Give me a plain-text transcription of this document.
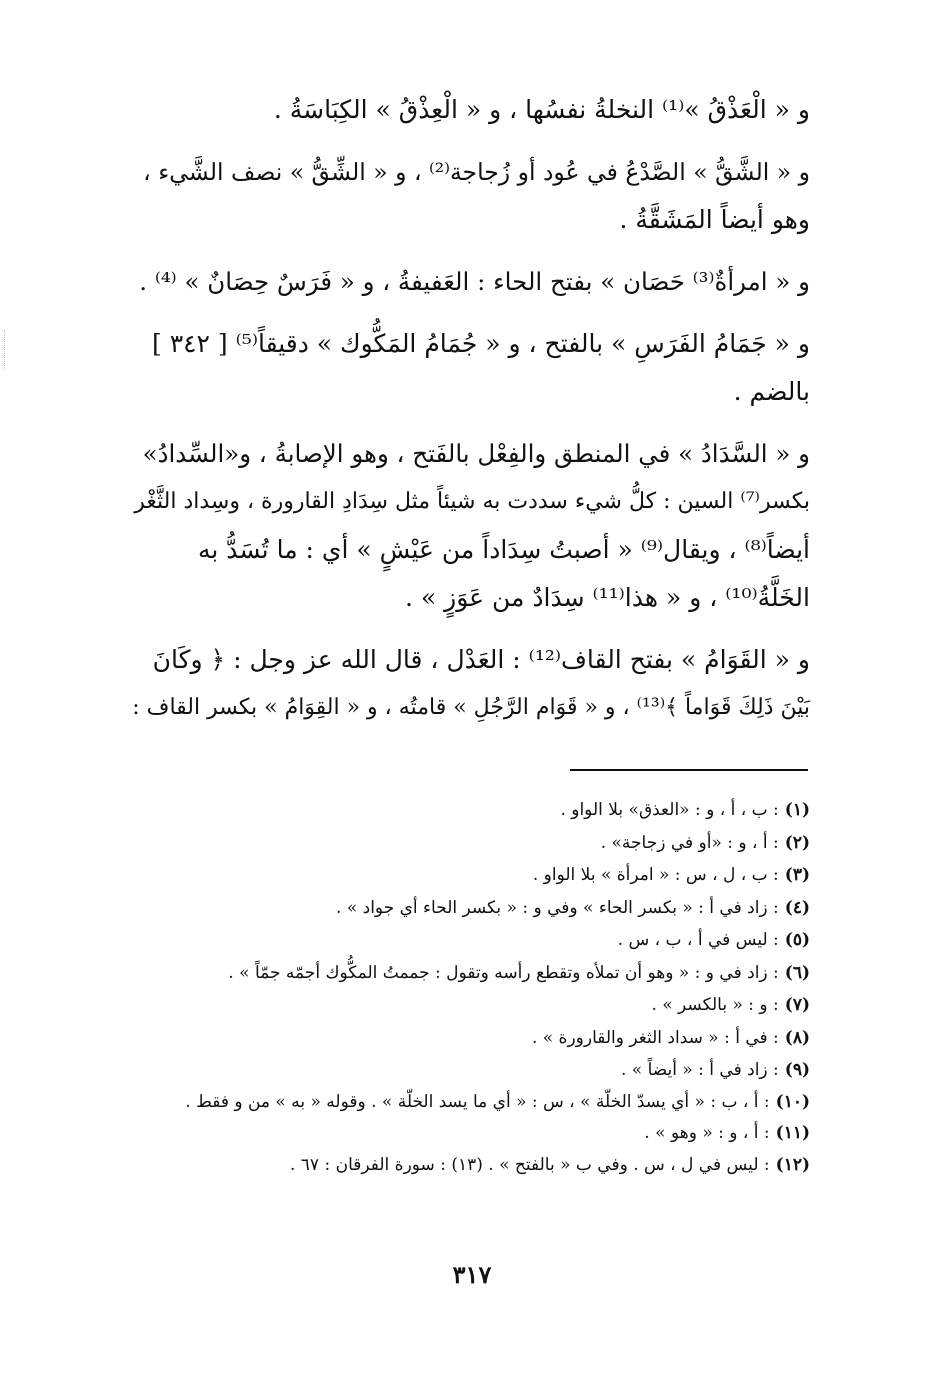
و « الْعَذْقُ »⁽¹⁾ النخلةُ نفسُها ، و « الْعِذْقُ » الكِبَاسَةُ .

و « الشَّقُّ » الصَّدْعُ في عُود أو زُجاجة⁽²⁾ ، و « الشِّقُّ » نصف الشَّيء ،
وهو أيضاً المَشَقَّةُ .

و « امرأةٌ⁽³⁾ حَصَان » بفتح الحاء : العَفيفةُ ، و « فَرَسٌ حِصَانٌ » ⁽⁴⁾ .

و « جَمَامُ الفَرَسِ » بالفتح ، و « جُمَامُ المَكُّوك » دقيقاً⁽⁵⁾ [ ٣٤٢ ]
بالضم .

و « السَّدَادُ » في المنطق والفِعْل بالفَتح ، وهو الإصابةُ ، و«السِّدادُ»
بكسر⁽⁷⁾ السين : كلُّ شيء سددت به شيئاً مثل سِدَادِ القارورة ، وسِداد الثَّغْر
أيضاً⁽⁸⁾ ، ويقال⁽⁹⁾ « أصبتُ سِدَاداً من عَيْشٍ » أي : ما تُسَدُّ به
الخَلَّةُ⁽¹⁰⁾ ، و « هذا⁽¹¹⁾ سِدَادٌ من عَوَزٍ » .

و « القَوَامُ » بفتح القاف⁽¹²⁾ : العَدْل ، قال الله عز وجل : ﴿ وكَانَ
بَيْنَ ذَلِكَ قَوَاماً ﴾⁽¹³⁾ ، و « قَوَام الرَّجُلِ » قامتُه ، و « القِوَامُ » بكسر القاف :

(١): ب ، أ ، و : «العذق» بلا الواو .
(٢): أ ، و : «أو في زجاجة» .
(٣): ب ، ل ، س : « امرأة » بلا الواو .
(٤): زاد في أ : « بكسر الحاء » وفي و : « بكسر الحاء أي جواد » .
(٥): ليس في أ ، ب ، س .
(٦): زاد في و : « وهو أن تملأه وتقطع رأسه وتقول : جممتُ المكُّوك أجمّه جمّاً » .
(٧): و : « بالكسر » .
(٨): في أ : « سداد الثغر والقارورة » .
(٩): زاد في أ : « أيضاً » .
(١٠): أ ، ب : « أي يسدّ الخلّة » ، س : « أي ما يسد الخلّة » . وقوله « به » من و فقط .
(١١): أ ، و : « وهو » .
(١٢): ليس في ل ، س . وفي ب « بالفتح » . (١٣) : سورة الفرقان : ٦٧ .
٣١٧
